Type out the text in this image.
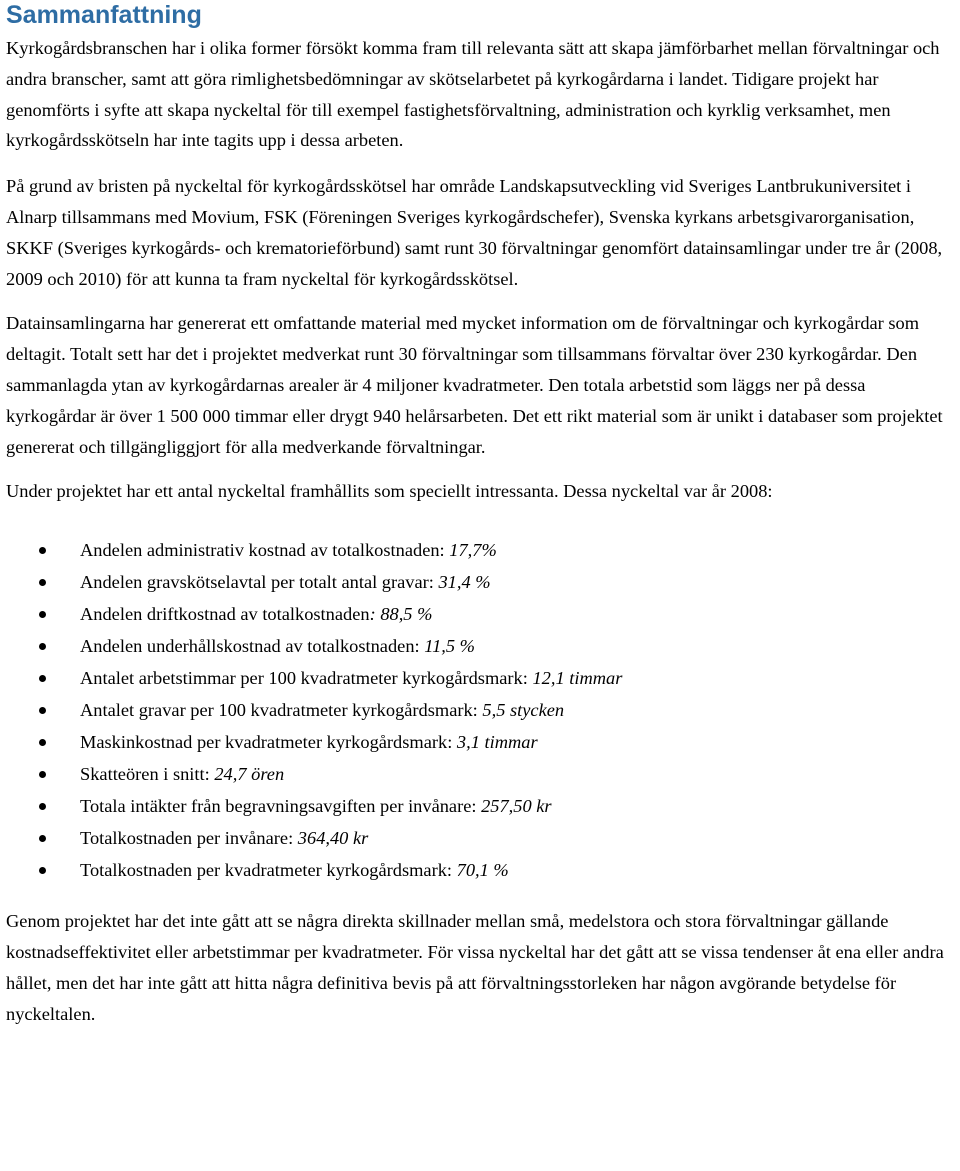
Sammanfattning

Kyrkogårdsbranschen har i olika former försökt komma fram till relevanta sätt att skapa jämförbarhet mellan förvaltningar och andra branscher, samt att göra rimlighetsbedömningar av skötselarbetet på kyrkogårdarna i landet. Tidigare projekt har genomförts i syfte att skapa nyckeltal för till exempel fastighetsförvaltning, administration och kyrklig verksamhet, men kyrkogårdsskötseln har inte tagits upp i dessa arbeten.

På grund av bristen på nyckeltal för kyrkogårdsskötsel har område Landskapsutveckling vid Sveriges Lantbrukuniversitet i Alnarp tillsammans med Movium, FSK (Föreningen Sveriges kyrkogårdschefer), Svenska kyrkans arbetsgivarorganisation, SKKF (Sveriges kyrkogårds- och krematorieförbund) samt runt 30 förvaltningar genomfört datainsamlingar under tre år (2008, 2009 och 2010) för att kunna ta fram nyckeltal för kyrkogårdsskötsel.

Datainsamlingarna har genererat ett omfattande material med mycket information om de förvaltningar och kyrkogårdar som deltagit. Totalt sett har det i projektet medverkat runt 30 förvaltningar som tillsammans förvaltar över 230 kyrkogårdar. Den sammanlagda ytan av kyrkogårdarnas arealer är 4 miljoner kvadratmeter. Den totala arbetstid som läggs ner på dessa kyrkogårdar är över 1 500 000 timmar eller drygt 940 helårsarbeten. Det ett rikt material som är unikt i databaser som projektet genererat och tillgängliggjort för alla medverkande förvaltningar.

Under projektet har ett antal nyckeltal framhållits som speciellt intressanta. Dessa nyckeltal var år 2008:

Andelen administrativ kostnad av totalkostnaden: 17,7%
Andelen gravskötselavtal per totalt antal gravar: 31,4 %
Andelen driftkostnad av totalkostnaden: 88,5 %
Andelen underhållskostnad av totalkostnaden: 11,5 %
Antalet arbetstimmar per 100 kvadratmeter kyrkogårdsmark: 12,1 timmar
Antalet gravar per 100 kvadratmeter kyrkogårdsmark: 5,5 stycken
Maskinkostnad per kvadratmeter kyrkogårdsmark: 3,1 timmar
Skatteören i snitt: 24,7 ören
Totala intäkter från begravningsavgiften per invånare: 257,50 kr
Totalkostnaden per invånare: 364,40 kr
Totalkostnaden per kvadratmeter kyrkogårdsmark: 70,1 %

Genom projektet har det inte gått att se några direkta skillnader mellan små, medelstora och stora förvaltningar gällande kostnadseffektivitet eller arbetstimmar per kvadratmeter. För vissa nyckeltal har det gått att se vissa tendenser åt ena eller andra hållet, men det har inte gått att hitta några definitiva bevis på att förvaltningsstorleken har någon avgörande betydelse för nyckeltalen.
